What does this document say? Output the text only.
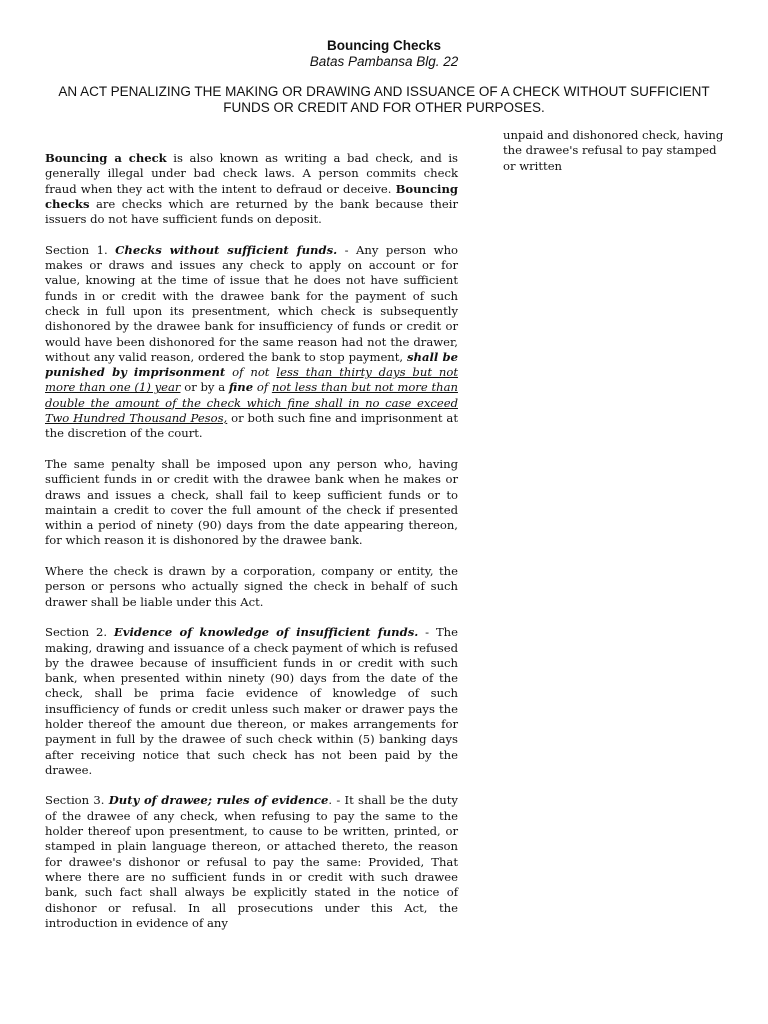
Bouncing Checks
Batas Pambansa Blg. 22
AN ACT PENALIZING THE MAKING OR DRAWING AND ISSUANCE OF A CHECK WITHOUT SUFFICIENT FUNDS OR CREDIT AND FOR OTHER PURPOSES.

Bouncing a check is also known as writing a bad check, and is generally illegal under bad check laws. A person commits check fraud when they act with the intent to defraud or deceive. Bouncing checks are checks which are returned by the bank because their issuers do not have sufficient funds on deposit.

Section 1. Checks without sufficient funds. - Any person who makes or draws and issues any check to apply on account or for value, knowing at the time of issue that he does not have sufficient funds in or credit with the drawee bank for the payment of such check in full upon its presentment, which check is subsequently dishonored by the drawee bank for insufficiency of funds or credit or would have been dishonored for the same reason had not the drawer, without any valid reason, ordered the bank to stop payment, shall be punished by imprisonment of not less than thirty days but not more than one (1) year or by a fine of not less than but not more than double the amount of the check which fine shall in no case exceed Two Hundred Thousand Pesos, or both such fine and imprisonment at the discretion of the court.

The same penalty shall be imposed upon any person who, having sufficient funds in or credit with the drawee bank when he makes or draws and issues a check, shall fail to keep sufficient funds or to maintain a credit to cover the full amount of the check if presented within a period of ninety (90) days from the date appearing thereon, for which reason it is dishonored by the drawee bank.

Where the check is drawn by a corporation, company or entity, the person or persons who actually signed the check in behalf of such drawer shall be liable under this Act.

Section 2. Evidence of knowledge of insufficient funds. - The making, drawing and issuance of a check payment of which is refused by the drawee because of insufficient funds in or credit with such bank, when presented within ninety (90) days from the date of the check, shall be prima facie evidence of knowledge of such insufficiency of funds or credit unless such maker or drawer pays the holder thereof the amount due thereon, or makes arrangements for payment in full by the drawee of such check within (5) banking days after receiving notice that such check has not been paid by the drawee.

Section 3. Duty of drawee; rules of evidence. - It shall be the duty of the drawee of any check, when refusing to pay the same to the holder thereof upon presentment, to cause to be written, printed, or stamped in plain language thereon, or attached thereto, the reason for drawee's dishonor or refusal to pay the same: Provided, That where there are no sufficient funds in or credit with such drawee bank, such fact shall always be explicitly stated in the notice of dishonor or refusal. In all prosecutions under this Act, the introduction in evidence of any

unpaid and dishonored check, having the drawee's refusal to pay stamped or written
